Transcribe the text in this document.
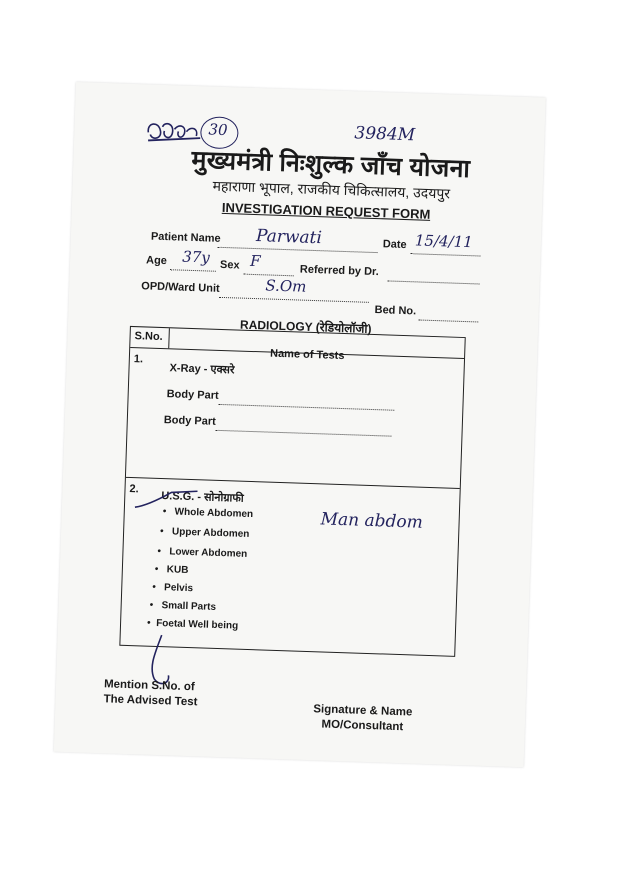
30	3984M
मुख्यमंत्री निःशुल्क जाँच योजना
महाराणा भूपाल, राजकीय चिकित्सालय, उदयपुर
INVESTIGATION REQUEST FORM
Patient Name Parwati	Date 15/4/11
Age 37y Sex F
Referred by Dr.
OPD/Ward Unit	S.Om
Bed No.
RADIOLOGY (रेडियोलॉजी)
S.No.
Name of Tests
1.
X-Ray - एक्सरे
Body Part
Body Part
2.
U.S.G. - सोनोग्राफी
•   Whole Abdomen
•   Upper Abdomen
•   Lower Abdomen
•   KUB
•   Pelvis
•   Small Parts
•  Foetal Well being
Man abdom
Mention S.No. of
The Advised Test
Signature & Name
MO/Consultant
